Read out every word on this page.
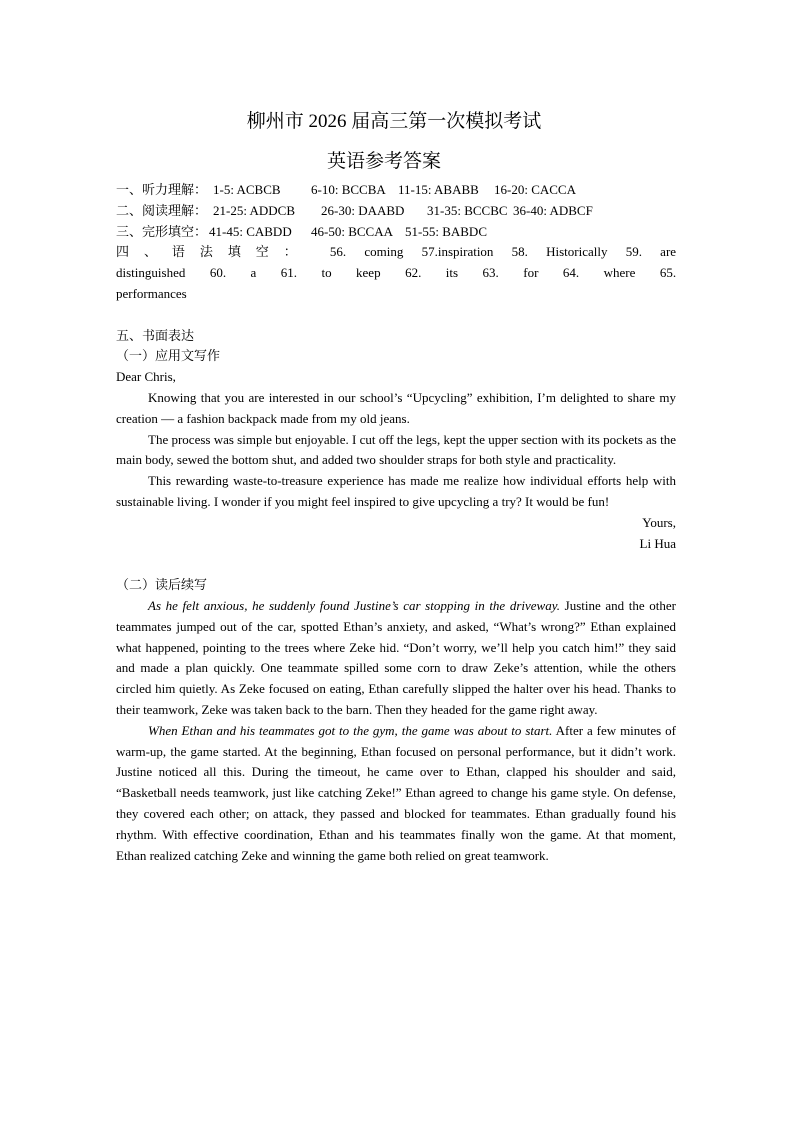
柳州市 2026 届高三第一次模拟考试
英语参考答案
一、听力理解： 1-5: ACBCB 6-10: BCCBA 11-15: ABABB 16-20: CACCA
二、阅读理解： 21-25: ADDCB 26-30: DAABD 31-35: BCCBC 36-40: ADBCF
三、完形填空： 41-45: CABDD 46-50: BCCAA 51-55: BABDC
四、语法填空： 56. coming 57.inspiration 58. Historically 59. are
distinguished 60. a 61. to keep 62. its 63. for 64. where 65.
performances
五、书面表达
（一）应用文写作
Dear Chris,

Knowing that you are interested in our school’s “Upcycling” exhibition, I’m delighted to share my creation — a fashion backpack made from my old jeans.

The process was simple but enjoyable. I cut off the legs, kept the upper section with its pockets as the main body, sewed the bottom shut, and added two shoulder straps for both style and practicality.

This rewarding waste-to-treasure experience has made me realize how individual efforts help with sustainable living. I wonder if you might feel inspired to give upcycling a try? It would be fun!

Yours,
Li Hua
（二）读后续写

As he felt anxious, he suddenly found Justine’s car stopping in the driveway. Justine and the other teammates jumped out of the car, spotted Ethan’s anxiety, and asked, “What’s wrong?” Ethan explained what happened, pointing to the trees where Zeke hid. “Don’t worry, we’ll help you catch him!” they said and made a plan quickly. One teammate spilled some corn to draw Zeke’s attention, while the others circled him quietly. As Zeke focused on eating, Ethan carefully slipped the halter over his head. Thanks to their teamwork, Zeke was taken back to the barn. Then they headed for the game right away.

When Ethan and his teammates got to the gym, the game was about to start. After a few minutes of warm-up, the game started. At the beginning, Ethan focused on personal performance, but it didn’t work. Justine noticed all this. During the timeout, he came over to Ethan, clapped his shoulder and said, “Basketball needs teamwork, just like catching Zeke!” Ethan agreed to change his game style. On defense, they covered each other; on attack, they passed and blocked for teammates. Ethan gradually found his rhythm. With effective coordination, Ethan and his teammates finally won the game. At that moment, Ethan realized catching Zeke and winning the game both relied on great teamwork.
